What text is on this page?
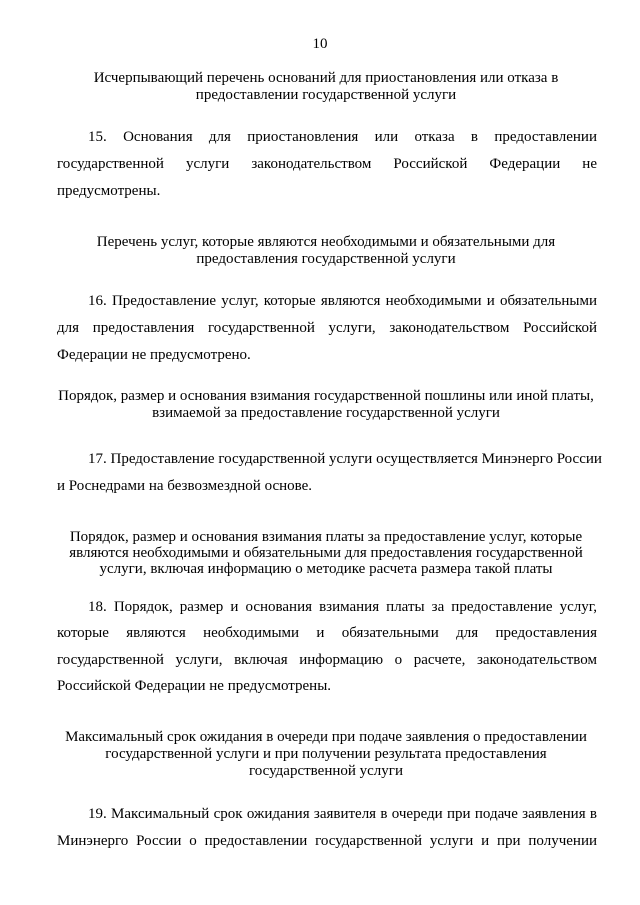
10
Исчерпывающий перечень оснований для приостановления или отказа в
предоставлении государственной услуги
15. Основания для приостановления или отказа в предоставлении
государственной услуги законодательством Российской Федерации не
предусмотрены.
Перечень услуг, которые являются необходимыми и обязательными для
предоставления государственной услуги
16. Предоставление услуг, которые являются необходимыми и обязательными
для предоставления государственной услуги, законодательством Российской
Федерации не предусмотрено.
Порядок, размер и основания взимания государственной пошлины или иной платы,
взимаемой за предоставление государственной услуги
17. Предоставление государственной услуги осуществляется Минэнерго России
и Роснедрами на безвозмездной основе.
Порядок, размер и основания взимания платы за предоставление услуг, которые
являются необходимыми и обязательными для предоставления государственной
услуги, включая информацию о методике расчета размера такой платы
18. Порядок, размер и основания взимания платы за предоставление услуг,
которые являются необходимыми и обязательными для предоставления
государственной услуги, включая информацию о расчете, законодательством
Российской Федерации не предусмотрены.
Максимальный срок ожидания в очереди при подаче заявления о предоставлении
государственной услуги и при получении результата предоставления
государственной услуги
19. Максимальный срок ожидания заявителя в очереди при подаче заявления в
Минэнерго России о предоставлении государственной услуги и при получении
